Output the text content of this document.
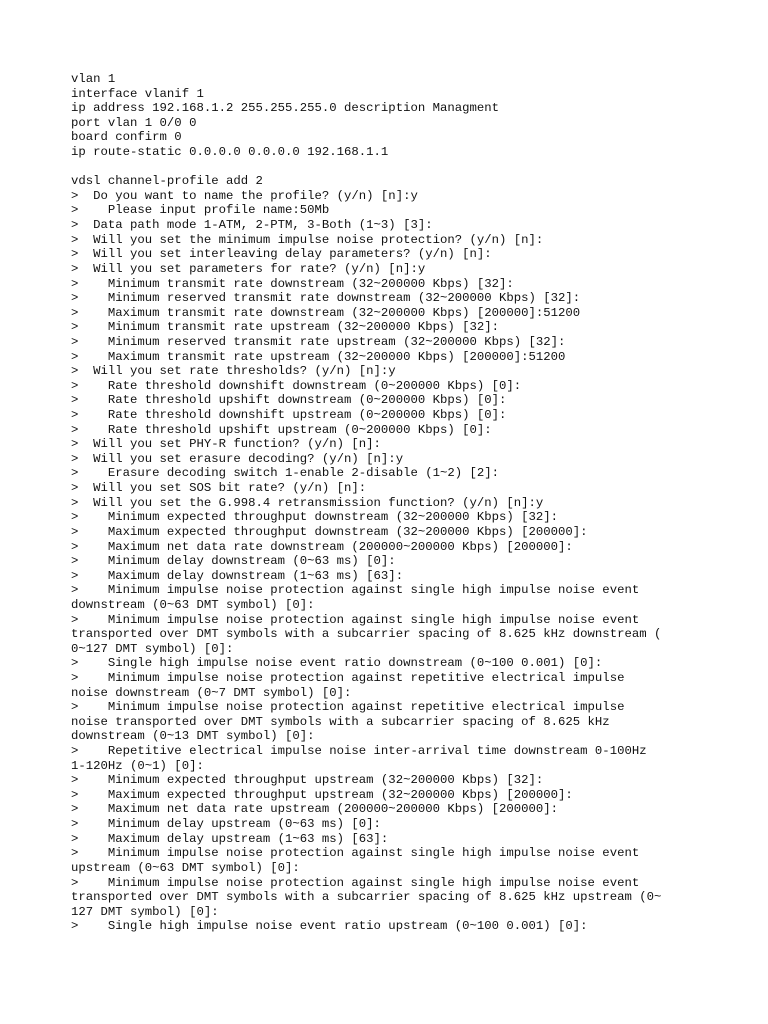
vlan 1
interface vlanif 1
ip address 192.168.1.2 255.255.255.0 description Managment
port vlan 1 0/0 0
board confirm 0
ip route-static 0.0.0.0 0.0.0.0 192.168.1.1
vdsl channel-profile add 2
>  Do you want to name the profile? (y/n) [n]:y
>    Please input profile name:50Mb
>  Data path mode 1-ATM, 2-PTM, 3-Both (1~3) [3]:
>  Will you set the minimum impulse noise protection? (y/n) [n]:
>  Will you set interleaving delay parameters? (y/n) [n]:
>  Will you set parameters for rate? (y/n) [n]:y
>    Minimum transmit rate downstream (32~200000 Kbps) [32]:
>    Minimum reserved transmit rate downstream (32~200000 Kbps) [32]:
>    Maximum transmit rate downstream (32~200000 Kbps) [200000]:51200
>    Minimum transmit rate upstream (32~200000 Kbps) [32]:
>    Minimum reserved transmit rate upstream (32~200000 Kbps) [32]:
>    Maximum transmit rate upstream (32~200000 Kbps) [200000]:51200
>  Will you set rate thresholds? (y/n) [n]:y
>    Rate threshold downshift downstream (0~200000 Kbps) [0]:
>    Rate threshold upshift downstream (0~200000 Kbps) [0]:
>    Rate threshold downshift upstream (0~200000 Kbps) [0]:
>    Rate threshold upshift upstream (0~200000 Kbps) [0]:
>  Will you set PHY-R function? (y/n) [n]:
>  Will you set erasure decoding? (y/n) [n]:y
>    Erasure decoding switch 1-enable 2-disable (1~2) [2]:
>  Will you set SOS bit rate? (y/n) [n]:
>  Will you set the G.998.4 retransmission function? (y/n) [n]:y
>    Minimum expected throughput downstream (32~200000 Kbps) [32]:
>    Maximum expected throughput downstream (32~200000 Kbps) [200000]:
>    Maximum net data rate downstream (200000~200000 Kbps) [200000]:
>    Minimum delay downstream (0~63 ms) [0]:
>    Maximum delay downstream (1~63 ms) [63]:
>    Minimum impulse noise protection against single high impulse noise event
downstream (0~63 DMT symbol) [0]:
>    Minimum impulse noise protection against single high impulse noise event
transported over DMT symbols with a subcarrier spacing of 8.625 kHz downstream (
0~127 DMT symbol) [0]:
>    Single high impulse noise event ratio downstream (0~100 0.001) [0]:
>    Minimum impulse noise protection against repetitive electrical impulse
noise downstream (0~7 DMT symbol) [0]:
>    Minimum impulse noise protection against repetitive electrical impulse
noise transported over DMT symbols with a subcarrier spacing of 8.625 kHz
downstream (0~13 DMT symbol) [0]:
>    Repetitive electrical impulse noise inter-arrival time downstream 0-100Hz
1-120Hz (0~1) [0]:
>    Minimum expected throughput upstream (32~200000 Kbps) [32]:
>    Maximum expected throughput upstream (32~200000 Kbps) [200000]:
>    Maximum net data rate upstream (200000~200000 Kbps) [200000]:
>    Minimum delay upstream (0~63 ms) [0]:
>    Maximum delay upstream (1~63 ms) [63]:
>    Minimum impulse noise protection against single high impulse noise event
upstream (0~63 DMT symbol) [0]:
>    Minimum impulse noise protection against single high impulse noise event
transported over DMT symbols with a subcarrier spacing of 8.625 kHz upstream (0~
127 DMT symbol) [0]:
>    Single high impulse noise event ratio upstream (0~100 0.001) [0]:
